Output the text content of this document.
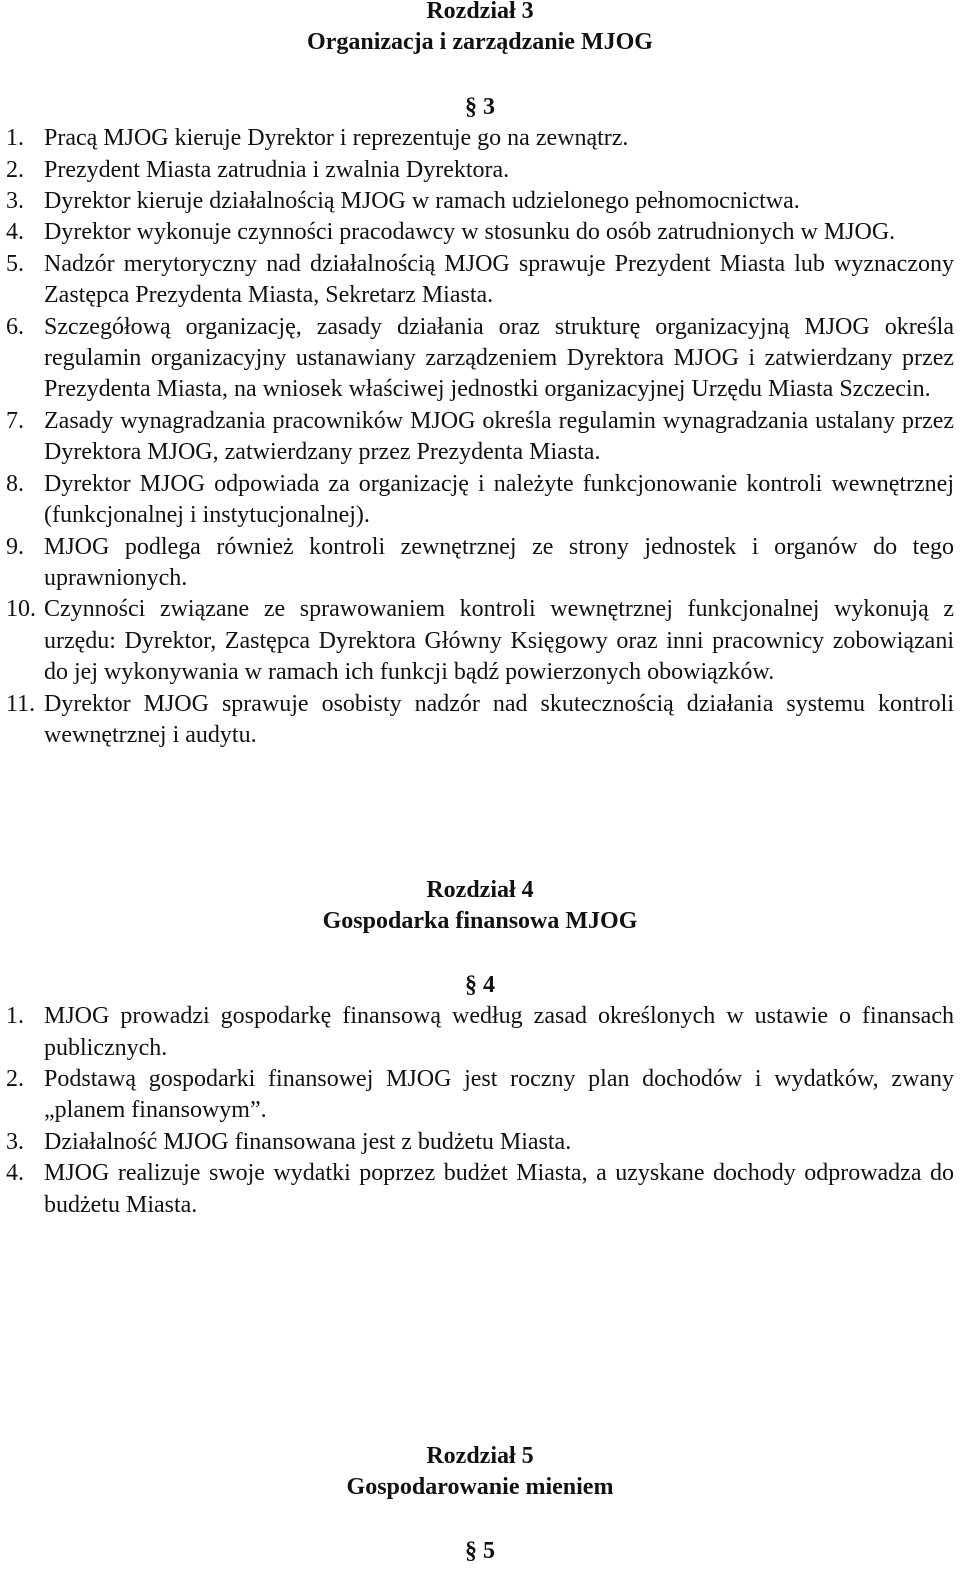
Rozdział 3

Organizacja i zarządzanie MJOG

§ 3

1. Pracą MJOG kieruje Dyrektor i reprezentuje go na zewnątrz.
2. Prezydent Miasta zatrudnia i zwalnia Dyrektora.
3. Dyrektor kieruje działalnością MJOG w ramach udzielonego pełnomocnictwa.
4. Dyrektor wykonuje czynności pracodawcy w stosunku do osób zatrudnionych w MJOG.
5. Nadzór merytoryczny nad działalnością MJOG sprawuje Prezydent Miasta lub wyznaczony Zastępca Prezydenta Miasta, Sekretarz Miasta.
6. Szczegółową organizację, zasady działania oraz strukturę organizacyjną MJOG określa regulamin organizacyjny ustanawiany zarządzeniem Dyrektora MJOG i zatwierdzany przez Prezydenta Miasta, na wniosek właściwej jednostki organizacyjnej Urzędu Miasta Szczecin.
7. Zasady wynagradzania pracowników MJOG określa regulamin wynagradzania ustalany przez Dyrektora MJOG, zatwierdzany przez Prezydenta Miasta.
8. Dyrektor MJOG odpowiada za organizację i należyte funkcjonowanie kontroli wewnętrznej (funkcjonalnej i instytucjonalnej).
9. MJOG podlega również kontroli zewnętrznej ze strony jednostek i organów do tego uprawnionych.
10. Czynności związane ze sprawowaniem kontroli wewnętrznej funkcjonalnej wykonują z urzędu: Dyrektor, Zastępca Dyrektora Główny Księgowy oraz inni pracownicy zobowiązani do jej wykonywania w ramach ich funkcji bądź powierzonych obowiązków.
11. Dyrektor MJOG sprawuje osobisty nadzór nad skutecznością działania systemu kontroli wewnętrznej i audytu.

Rozdział 4

Gospodarka finansowa MJOG

§ 4

1. MJOG prowadzi gospodarkę finansową według zasad określonych w ustawie o finansach publicznych.
2. Podstawą gospodarki finansowej MJOG jest roczny plan dochodów i wydatków, zwany „planem finansowym”.
3. Działalność MJOG finansowana jest z budżetu Miasta.
4. MJOG realizuje swoje wydatki poprzez budżet Miasta, a uzyskane dochody odprowadza do budżetu Miasta.

Rozdział 5

Gospodarowanie mieniem

§ 5
